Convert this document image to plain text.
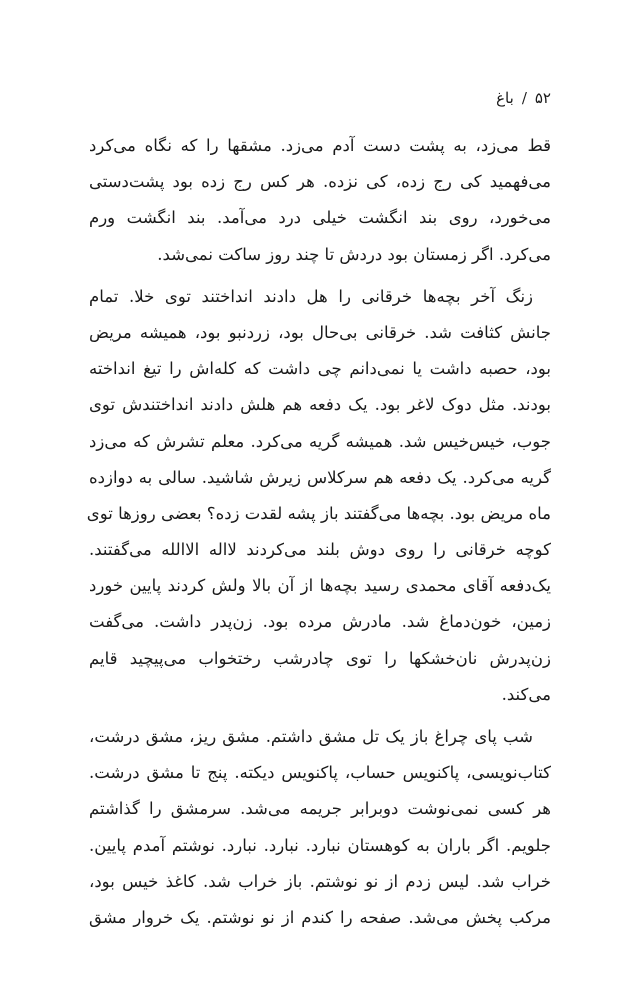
۵۲/باغ
قط می‌زد، به پشت دست آدم می‌زد. مشقها را که نگاه می‌کرد
می‌فهمید کی رج زده، کی نزده. هر کس رج زده بود پشت‌دستی
می‌خورد، روی بند انگشت خیلی درد می‌آمد. بند انگشت ورم
می‌کرد. اگر زمستان بود دردش تا چند روز ساکت نمی‌شد.
زنگ آخر بچه‌ها خرقانی را هل دادند انداختند توی خلا. تمام
جانش کثافت شد. خرقانی بی‌حال بود، زردنبو بود، همیشه مریض
بود، حصبه داشت یا نمی‌دانم چی داشت که کله‌اش را تیغ انداخته
بودند. مثل دوک لاغر بود. یک دفعه هم هلش دادند انداختندش توی
جوب، خیس‌خیس شد. همیشه گریه می‌کرد. معلم تشرش که می‌زد
گریه می‌کرد. یک دفعه هم سرکلاس زیرش شاشید. سالی به دوازده
ماه مریض بود. بچه‌ها می‌گفتند باز پشه لقدت زده؟ بعضی روزها توی
کوچه خرقانی را روی دوش بلند می‌کردند لااله الاالله می‌گفتند.
یک‌دفعه آقای محمدی رسید بچه‌ها از آن بالا ولش کردند پایین خورد
زمین، خون‌دماغ شد. مادرش مرده بود. زن‌پدر داشت. می‌گفت
زن‌پدرش نان‌خشکها را توی چادرشب رختخواب می‌پیچید قایم
می‌کند.
شب پای چراغ باز یک تل مشق داشتم. مشق ریز، مشق درشت،
کتاب‌نویسی، پاکنویس حساب، پاکنویس دیکته. پنج تا مشق درشت.
هر کسی نمی‌نوشت دوبرابر جریمه می‌شد. سرمشق را گذاشتم
جلویم. اگر باران به کوهستان نبارد. نبارد. نبارد. نوشتم آمدم پایین.
خراب شد. لیس زدم از نو نوشتم. باز خراب شد. کاغذ خیس بود،
مرکب پخش می‌شد. صفحه را کندم از نو نوشتم. یک خروار مشق
